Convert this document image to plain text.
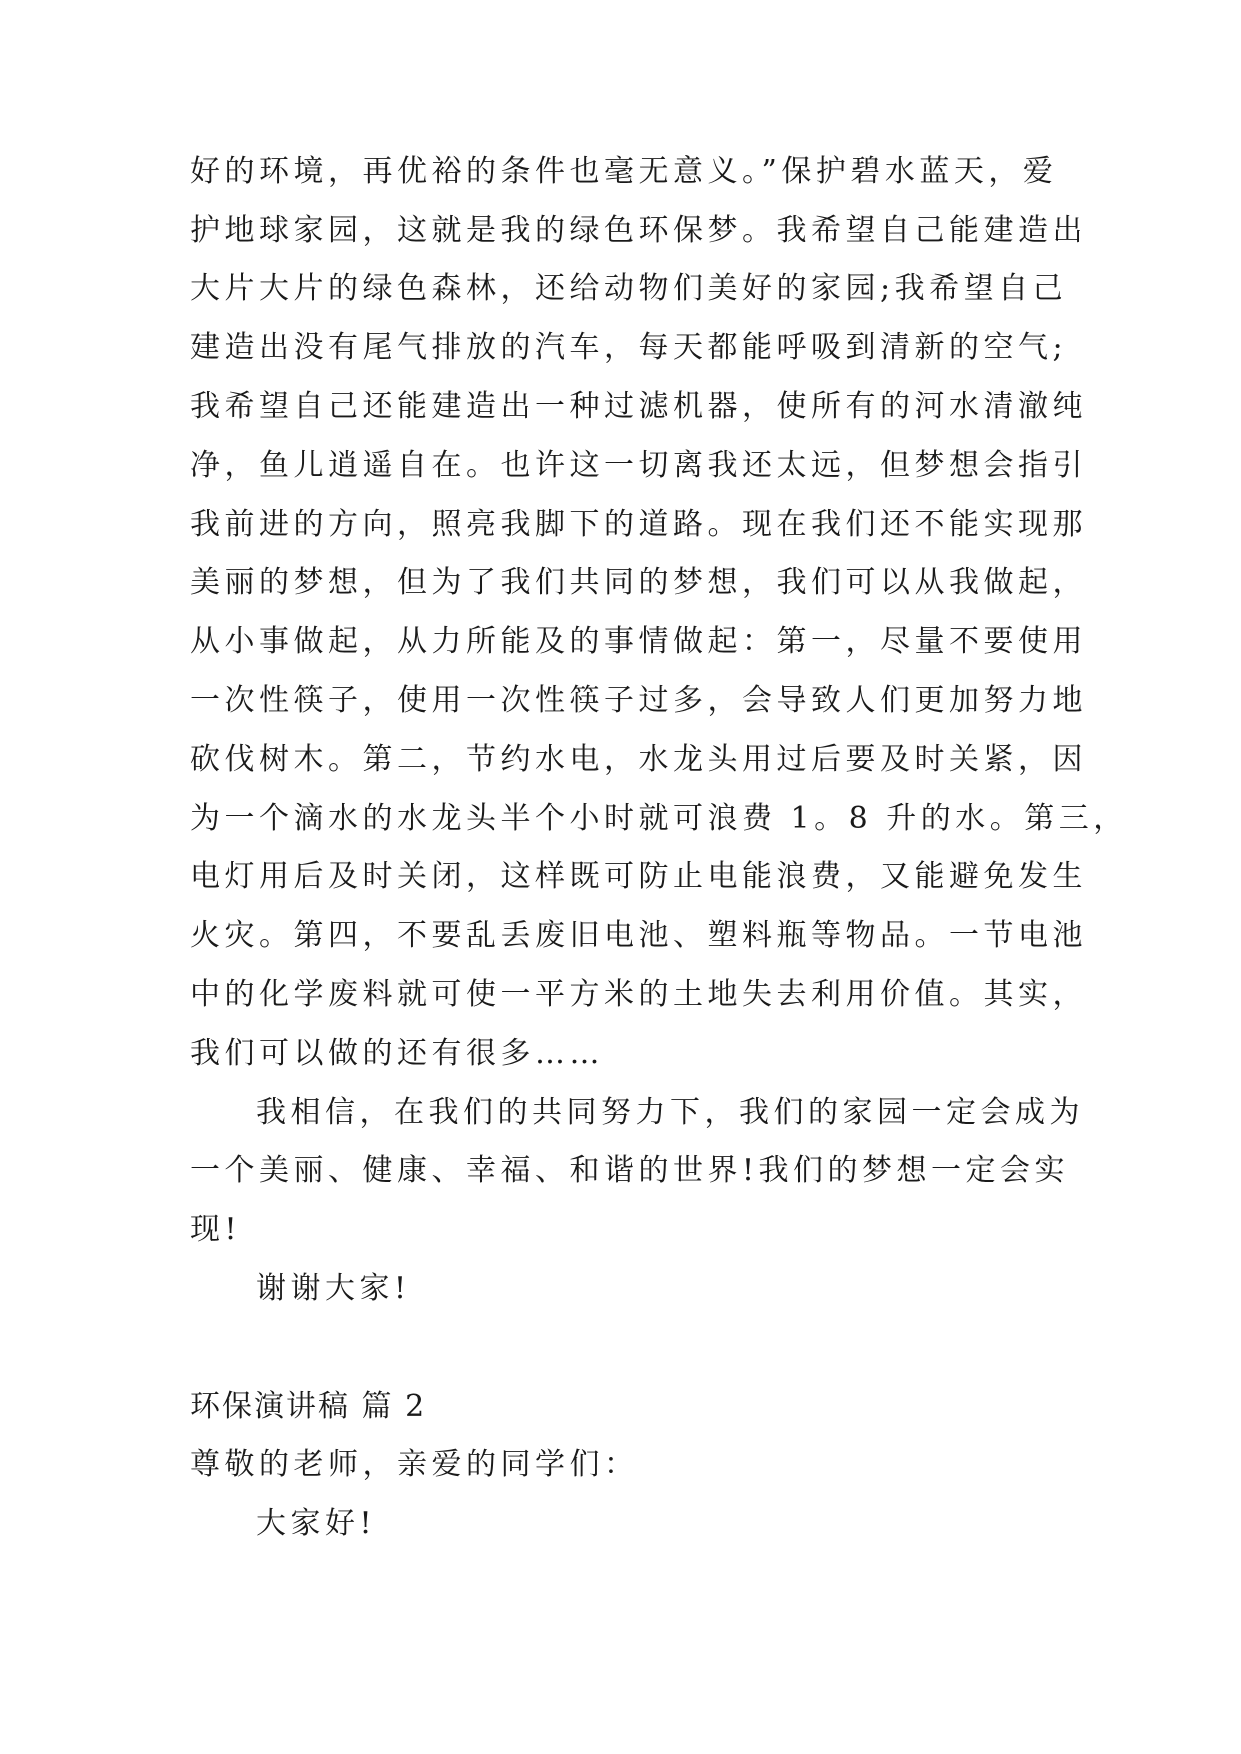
好的环境，再优裕的条件也毫无意义。”保护碧水蓝天，爱
护地球家园，这就是我的绿色环保梦。我希望自己能建造出
大片大片的绿色森林，还给动物们美好的家园;我希望自己
建造出没有尾气排放的汽车，每天都能呼吸到清新的空气;
我希望自己还能建造出一种过滤机器，使所有的河水清澈纯
净，鱼儿逍遥自在。也许这一切离我还太远，但梦想会指引
我前进的方向，照亮我脚下的道路。现在我们还不能实现那
美丽的梦想，但为了我们共同的梦想，我们可以从我做起，
从小事做起，从力所能及的事情做起：第一，尽量不要使用
一次性筷子，使用一次性筷子过多，会导致人们更加努力地
砍伐树木。第二，节约水电，水龙头用过后要及时关紧，因
为一个滴水的水龙头半个小时就可浪费 1。8 升的水。第三，
电灯用后及时关闭，这样既可防止电能浪费，又能避免发生
火灾。第四，不要乱丢废旧电池、塑料瓶等物品。一节电池
中的化学废料就可使一平方米的土地失去利用价值。其实，
我们可以做的还有很多……
我相信，在我们的共同努力下，我们的家园一定会成为
一个美丽、健康、幸福、和谐的世界!我们的梦想一定会实
现!
谢谢大家!
环保演讲稿 篇 2
尊敬的老师，亲爱的同学们：
大家好!
